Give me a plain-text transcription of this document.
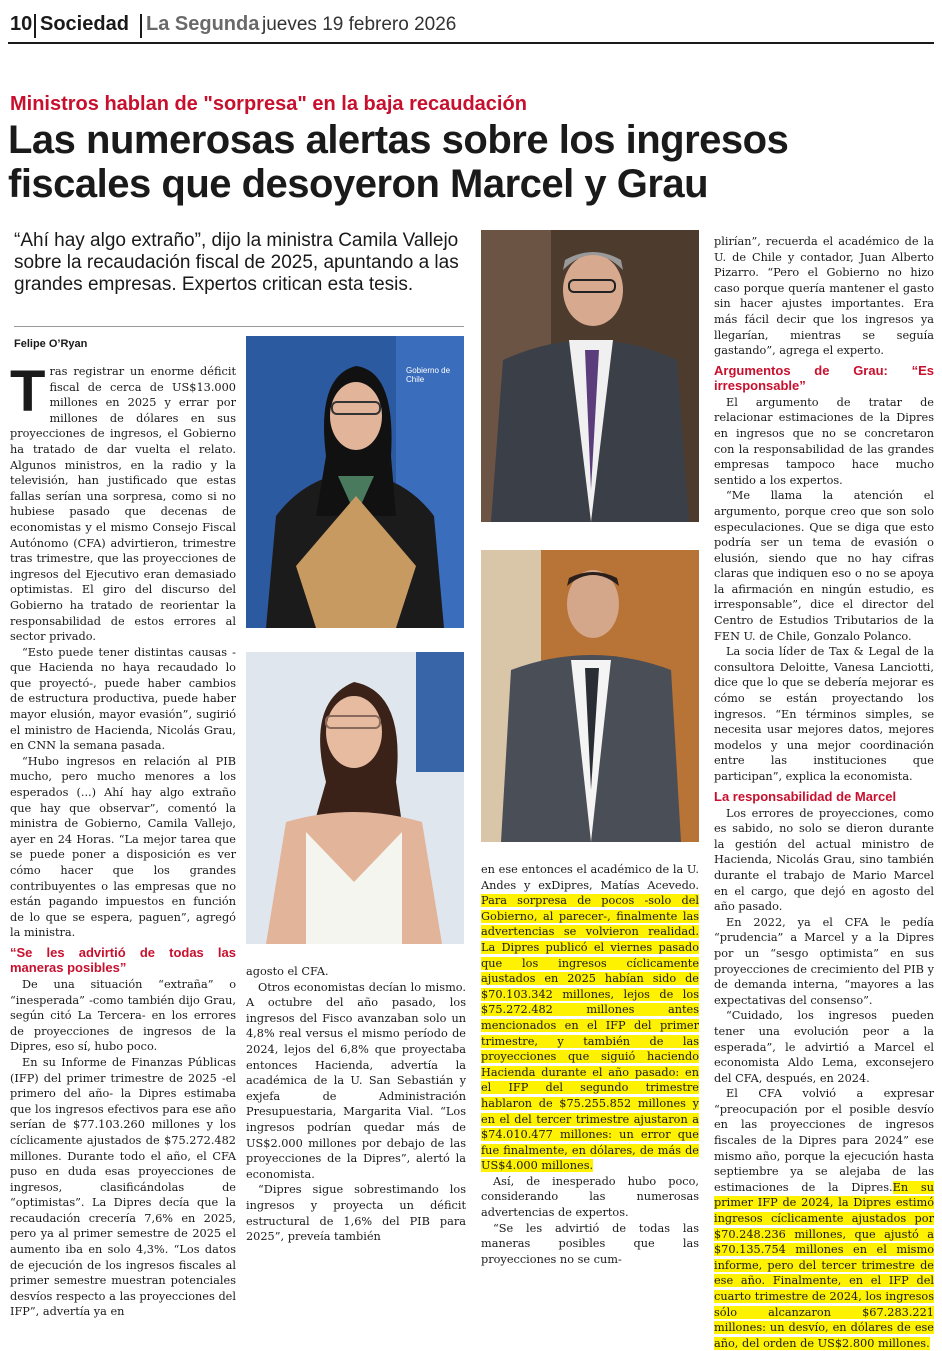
10 Sociedad La Segunda jueves 19 febrero 2026
Ministros hablan de "sorpresa" en la baja recaudación
Las numerosas alertas sobre los ingresos
fiscales que desoyeron Marcel y Grau
“Ahí hay algo extraño”, dijo la ministra Camila Vallejo sobre la recaudación fiscal de 2025, apuntando a las grandes empresas. Expertos critican esta tesis.
Felipe O’Ryan

Tras registrar un enorme déficit fiscal de cerca de US$13.000 millones en 2025 y errar por millones de dólares en sus proyecciones de ingresos, el Gobierno ha tratado de dar vuelta el relato. Algunos ministros, en la radio y la televisión, han justificado que estas fallas serían una sorpresa, como si no hubiese pasado que decenas de economistas y el mismo Consejo Fiscal Autónomo (CFA) advirtieron, trimestre tras trimestre, que las proyecciones de ingresos del Ejecutivo eran demasiado optimistas. El giro del discurso del Gobierno ha tratado de reorientar la responsabilidad de estos errores al sector privado.

“Esto puede tener distintas causas -que Hacienda no haya recaudado lo que proyectó-, puede haber cambios de estructura productiva, puede haber mayor elusión, mayor evasión”, sugirió el ministro de Hacienda, Nicolás Grau, en CNN la semana pasada.

“Hubo ingresos en relación al PIB mucho, pero mucho menores a los esperados (...) Ahí hay algo extraño que hay que observar”, comentó la ministra de Gobierno, Camila Vallejo, ayer en 24 Horas. “La mejor tarea que se puede poner a disposición es ver cómo hacer que los grandes contribuyentes o las empresas que no están pagando impuestos en función de lo que se espera, paguen”, agregó la ministra.

“Se les advirtió de todas las maneras posibles”

De una situación “extraña” o “inesperada” -como también dijo Grau, según citó La Tercera- en los errores de proyecciones de ingresos de la Dipres, eso sí, hubo poco.

En su Informe de Finanzas Públicas (IFP) del primer trimestre de 2025 -el primero del año- la Dipres estimaba que los ingresos efectivos para ese año serían de $77.103.260 millones y los cíclicamente ajustados de $75.272.482 millones. Durante todo el año, el CFA puso en duda esas proyecciones de ingresos, clasificándolas de “optimistas”. La Dipres decía que la recaudación crecería 7,6% en 2025, pero ya al primer semestre de 2025 el aumento iba en solo 4,3%. “Los datos de ejecución de los ingresos fiscales al primer semestre muestran potenciales desvíos respecto a las proyecciones del IFP”, advertía ya en

Gobierno de Chile

agosto el CFA.

Otros economistas decían lo mismo. A octubre del año pasado, los ingresos del Fisco avanzaban solo un 4,8% real versus el mismo período de 2024, lejos del 6,8% que proyectaba entonces Hacienda, advertía la académica de la U. San Sebastián y exjefa de Administración Presupuestaria, Margarita Vial. “Los ingresos podrían quedar más de US$2.000 millones por debajo de las proyecciones de la Dipres”, alertó la economista.

“Dipres sigue sobrestimando los ingresos y proyecta un déficit estructural de 1,6% del PIB para 2025”, preveía también

en ese entonces el académico de la U. Andes y exDipres, Matías Acevedo. Para sorpresa de pocos -solo del Gobierno, al parecer-, finalmente las advertencias se volvieron realidad. La Dipres publicó el viernes pasado que los ingresos cíclicamente ajustados en 2025 habían sido de $70.103.342 millones, lejos de los $75.272.482 millones antes mencionados en el IFP del primer trimestre, y también de las proyecciones que siguió haciendo Hacienda durante el año pasado: en el IFP del segundo trimestre hablaron de $75.255.852 millones y en el del tercer trimestre ajustaron a $74.010.477 millones: un error que fue finalmente, en dólares, de más de US$4.000 millones.

Así, de inesperado hubo poco, considerando las numerosas advertencias de expertos.

“Se les advirtió de todas las maneras posibles que las proyecciones no se cum-

plirían”, recuerda el académico de la U. de Chile y contador, Juan Alberto Pizarro. “Pero el Gobierno no hizo caso porque quería mantener el gasto sin hacer ajustes importantes. Era más fácil decir que los ingresos ya llegarían, mientras se seguía gastando”, agrega el experto.

Argumentos de Grau: “Es irresponsable”

El argumento de tratar de relacionar estimaciones de la Dipres en ingresos que no se concretaron con la responsabilidad de las grandes empresas tampoco hace mucho sentido a los expertos.

“Me llama la atención el argumento, porque creo que son solo especulaciones. Que se diga que esto podría ser un tema de evasión o elusión, siendo que no hay cifras claras que indiquen eso o no se apoya la afirmación en ningún estudio, es irresponsable”, dice el director del Centro de Estudios Tributarios de la FEN U. de Chile, Gonzalo Polanco.

La socia líder de Tax & Legal de la consultora Deloitte, Vanesa Lanciotti, dice que lo que se debería mejorar es cómo se están proyectando los ingresos. “En términos simples, se necesita usar mejores datos, mejores modelos y una mejor coordinación entre las instituciones que participan”, explica la economista.

La responsabilidad de Marcel

Los errores de proyecciones, como es sabido, no solo se dieron durante la gestión del actual ministro de Hacienda, Nicolás Grau, sino también durante el trabajo de Mario Marcel en el cargo, que dejó en agosto del año pasado.

En 2022, ya el CFA le pedía “prudencia” a Marcel y a la Dipres por un “sesgo optimista” en sus proyecciones de crecimiento del PIB y de demanda interna, “mayores a las expectativas del consenso”.

“Cuidado, los ingresos pueden tener una evolución peor a la esperada”, le advirtió a Marcel el economista Aldo Lema, exconsejero del CFA, después, en 2024.

El CFA volvió a expresar “preocupación por el posible desvío en las proyecciones de ingresos fiscales de la Dipres para 2024” ese mismo año, porque la ejecución hasta septiembre ya se alejaba de las estimaciones de la Dipres.En su primer IFP de 2024, la Dipres estimó ingresos cíclicamente ajustados por $70.248.236 millones, que ajustó a $70.135.754 millones en el mismo informe, pero del tercer trimestre de ese año. Finalmente, en el IFP del cuarto trimestre de 2024, los ingresos sólo alcanzaron $67.283.221 millones: un desvío, en dólares de ese año, del orden de US$2.800 millones.
